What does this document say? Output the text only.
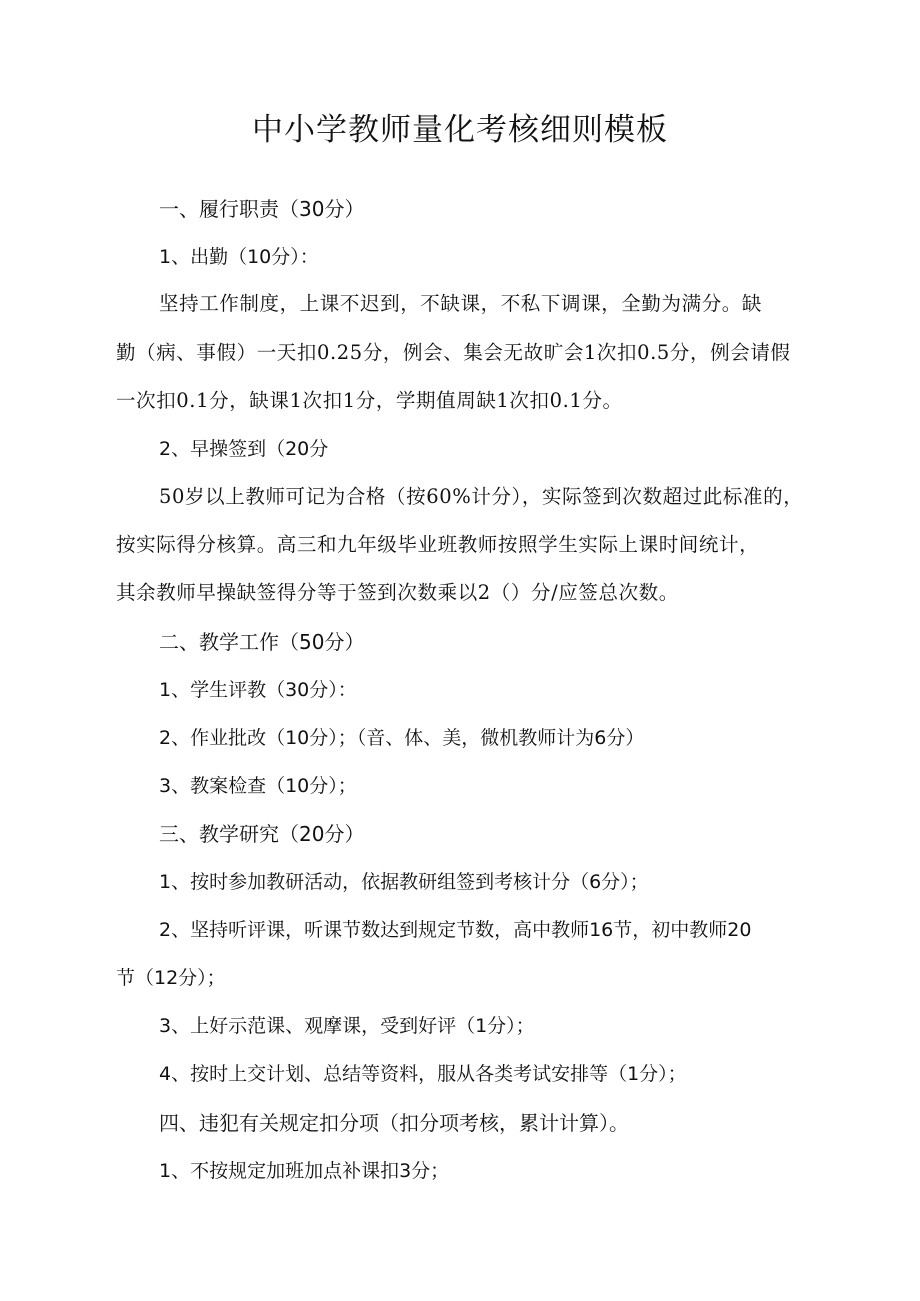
中小学教师量化考核细则模板
一、履行职责（30分）
1、出勤（10分）：
坚持工作制度，上课不迟到，不缺课，不私下调课，全勤为满分。缺
勤（病、事假）一天扣0.25分，例会、集会无故旷会1次扣0.5分，例会请假
一次扣0.1分，缺课1次扣1分，学期值周缺1次扣0.1分。
2、早操签到（20分
50岁以上教师可记为合格（按60%计分），实际签到次数超过此标准的，
按实际得分核算。高三和九年级毕业班教师按照学生实际上课时间统计，
其余教师早操缺签得分等于签到次数乘以2（）分/应签总次数。
二、教学工作（50分）
1、学生评教（30分）：
2、作业批改（10分）；（音、体、美，微机教师计为6分）
3、教案检查（10分）；
三、教学研究（20分）
1、按时参加教研活动，依据教研组签到考核计分（6分）；
2、坚持听评课，听课节数达到规定节数，高中教师16节，初中教师20
节（12分）；
3、上好示范课、观摩课，受到好评（1分）；
4、按时上交计划、总结等资料，服从各类考试安排等（1分）；
四、违犯有关规定扣分项（扣分项考核，累计计算）。
1、不按规定加班加点补课扣3分；
